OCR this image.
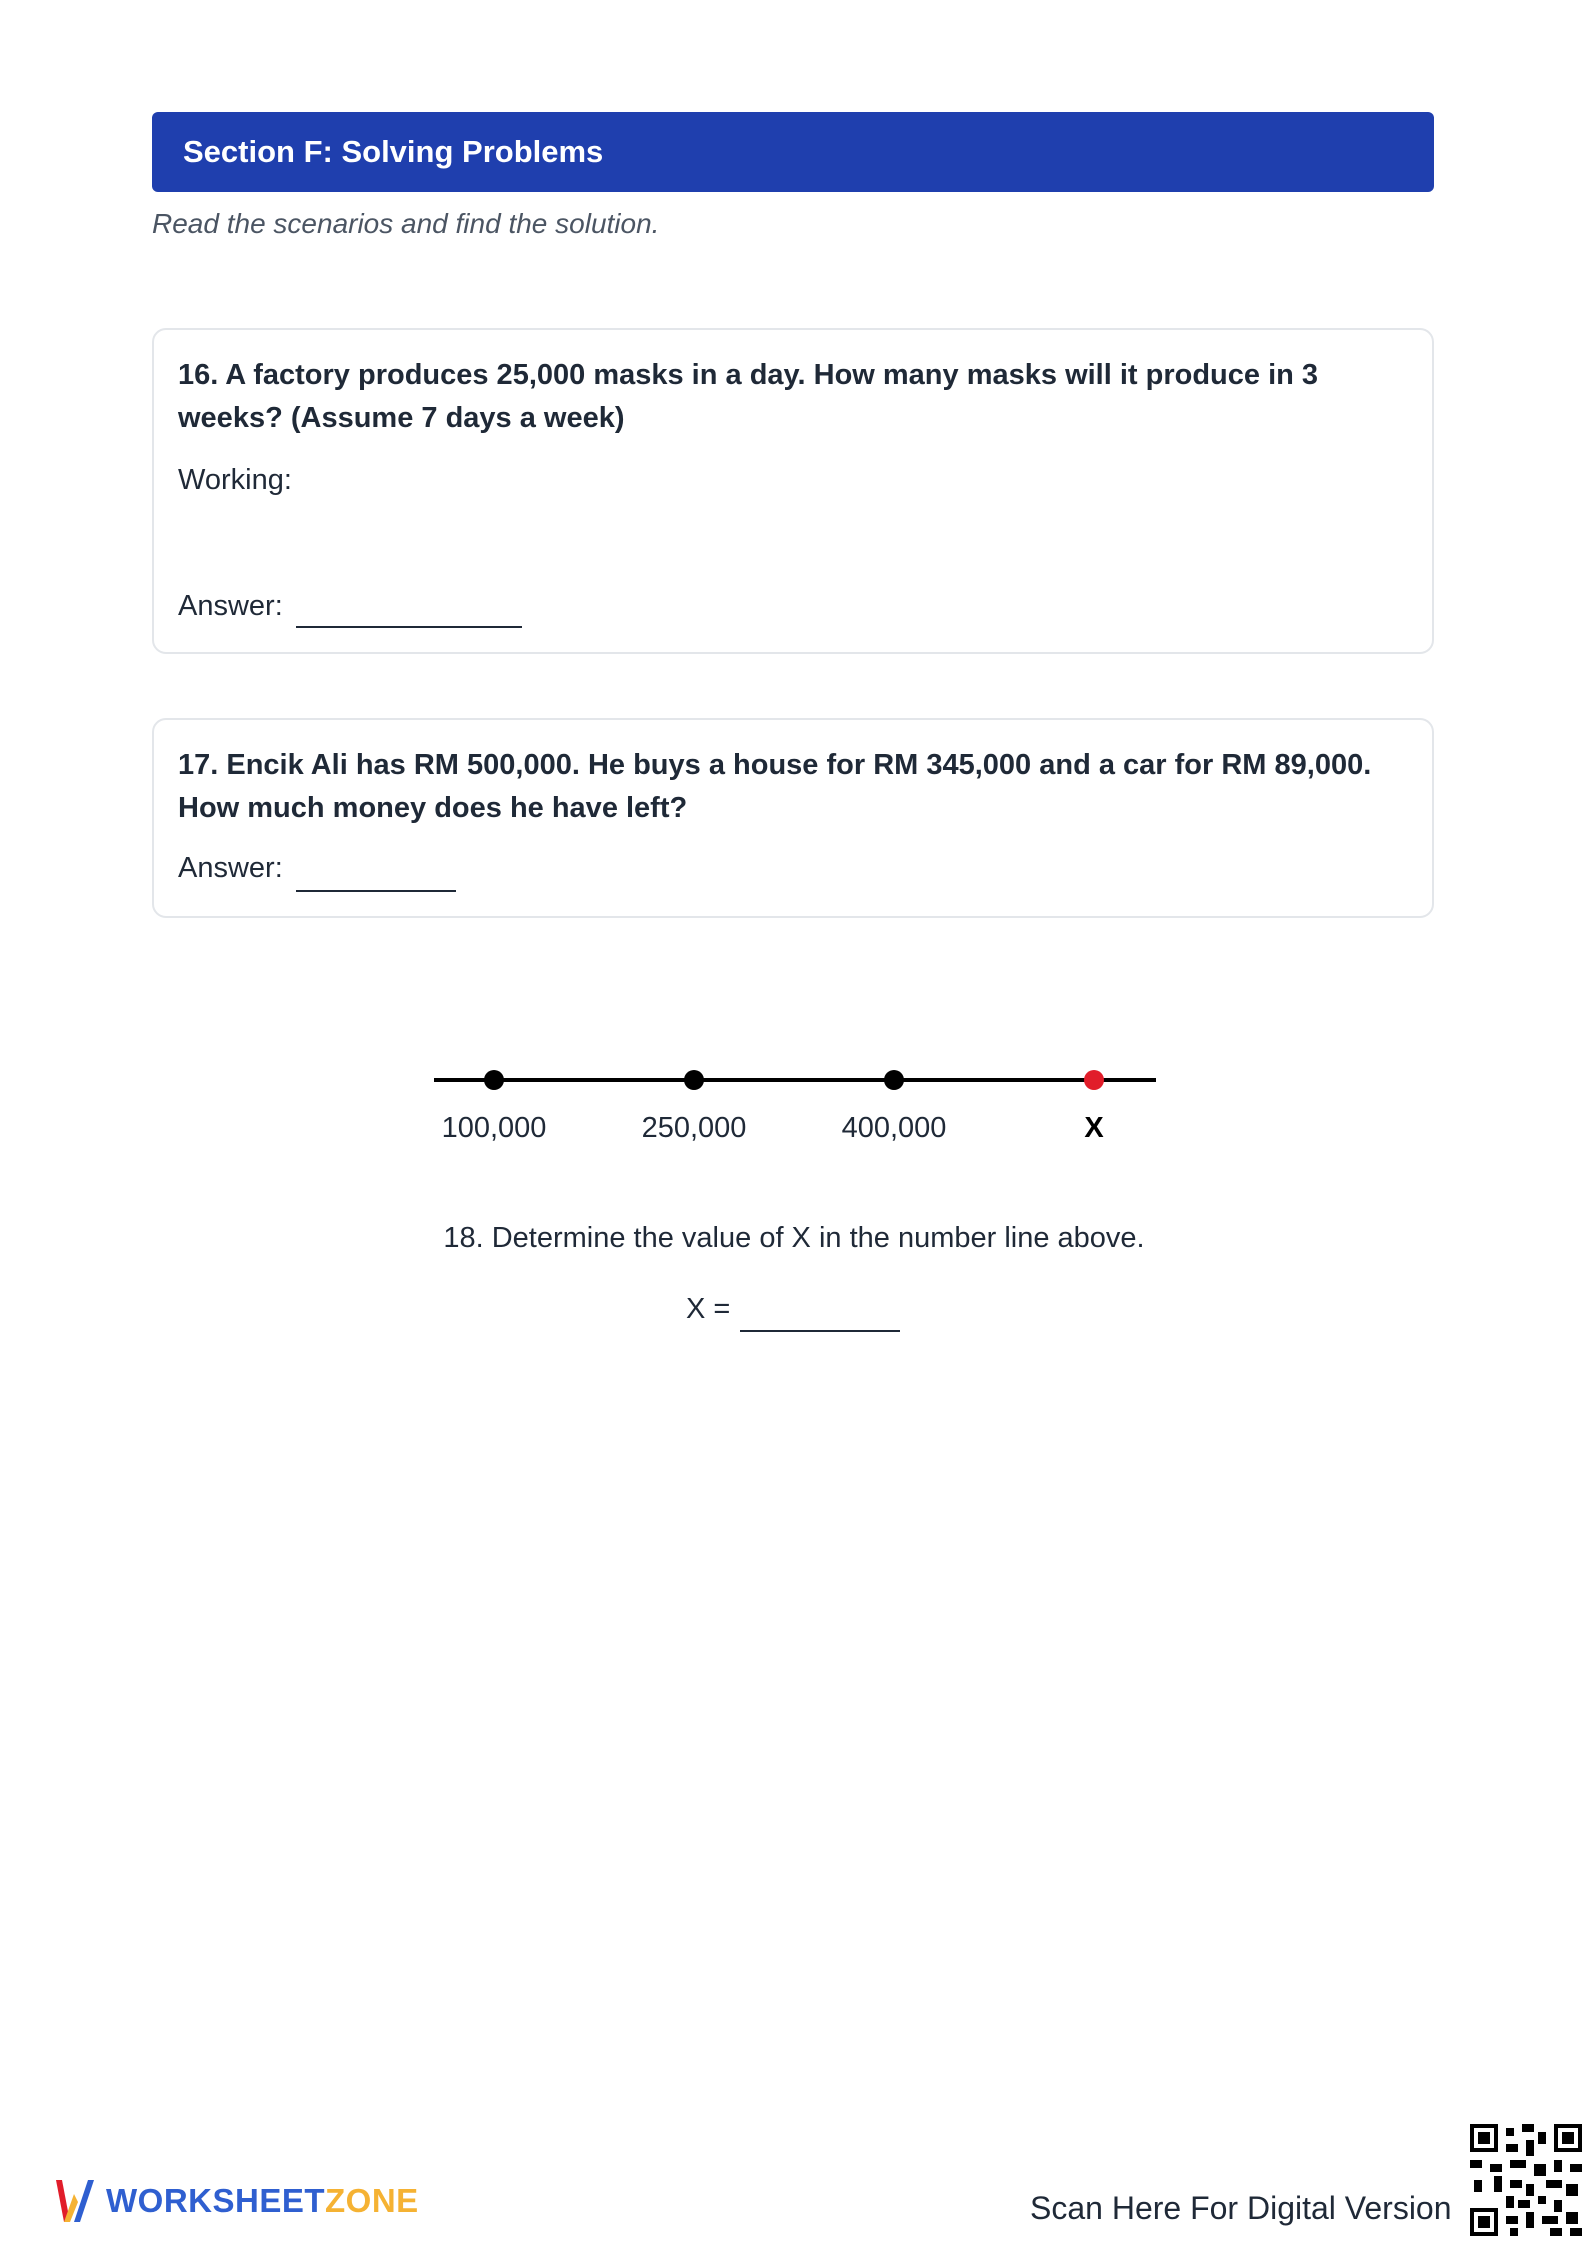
Section F: Solving Problems
Read the scenarios and find the solution.
16. A factory produces 25,000 masks in a day. How many masks will it produce in 3 weeks? (Assume 7 days a week)
Working:
Answer:
17. Encik Ali has RM 500,000. He buys a house for RM 345,000 and a car for RM 89,000. How much money does he have left?
Answer:
100,000	250,000	400,000	X
18. Determine the value of X in the number line above.
X =
WORKSHEETZONE	Scan Here For Digital Version
